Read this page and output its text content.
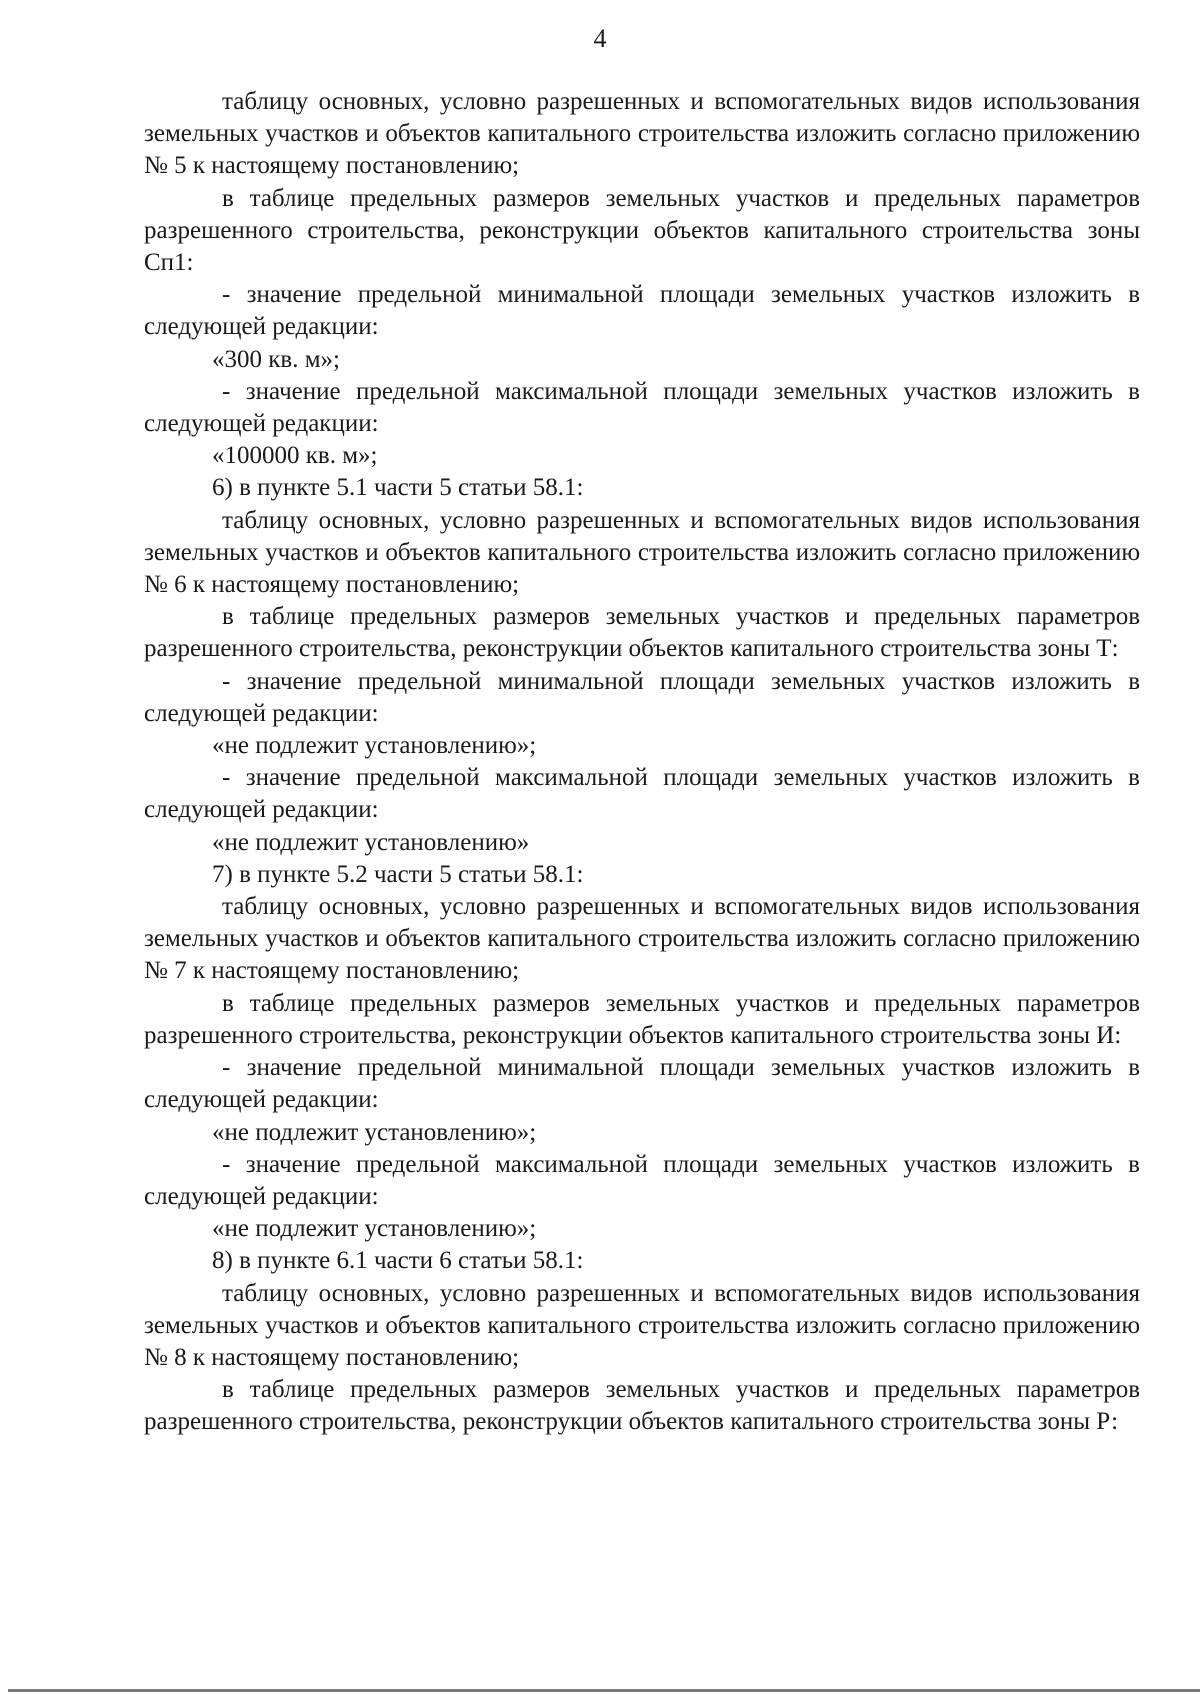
4

таблицу основных, условно разрешенных и вспомогательных видов использования земельных участков и объектов капитального строительства изложить согласно приложению № 5 к настоящему постановлению;

в таблице предельных размеров земельных участков и предельных параметров разрешенного строительства, реконструкции объектов капитального строительства зоны Сп1:

- значение предельной минимальной площади земельных участков изложить в следующей редакции:

«300 кв. м»;

- значение предельной максимальной площади земельных участков изложить в следующей редакции:

«100000 кв. м»;

6) в пункте 5.1 части 5 статьи 58.1:

таблицу основных, условно разрешенных и вспомогательных видов использования земельных участков и объектов капитального строительства изложить согласно приложению № 6 к настоящему постановлению;

в таблице предельных размеров земельных участков и предельных параметров разрешенного строительства, реконструкции объектов капитального строительства зоны Т:

- значение предельной минимальной площади земельных участков изложить в следующей редакции:

«не подлежит установлению»;

- значение предельной максимальной площади земельных участков изложить в следующей редакции:

«не подлежит установлению»

7) в пункте 5.2 части 5 статьи 58.1:

таблицу основных, условно разрешенных и вспомогательных видов использования земельных участков и объектов капитального строительства изложить согласно приложению № 7 к настоящему постановлению;

в таблице предельных размеров земельных участков и предельных параметров разрешенного строительства, реконструкции объектов капитального строительства зоны И:

- значение предельной минимальной площади земельных участков изложить в следующей редакции:

«не подлежит установлению»;

- значение предельной максимальной площади земельных участков изложить в следующей редакции:

«не подлежит установлению»;

8) в пункте 6.1 части 6 статьи 58.1:

таблицу основных, условно разрешенных и вспомогательных видов использования земельных участков и объектов капитального строительства изложить согласно приложению № 8 к настоящему постановлению;

в таблице предельных размеров земельных участков и предельных параметров разрешенного строительства, реконструкции объектов капитального строительства зоны Р:
